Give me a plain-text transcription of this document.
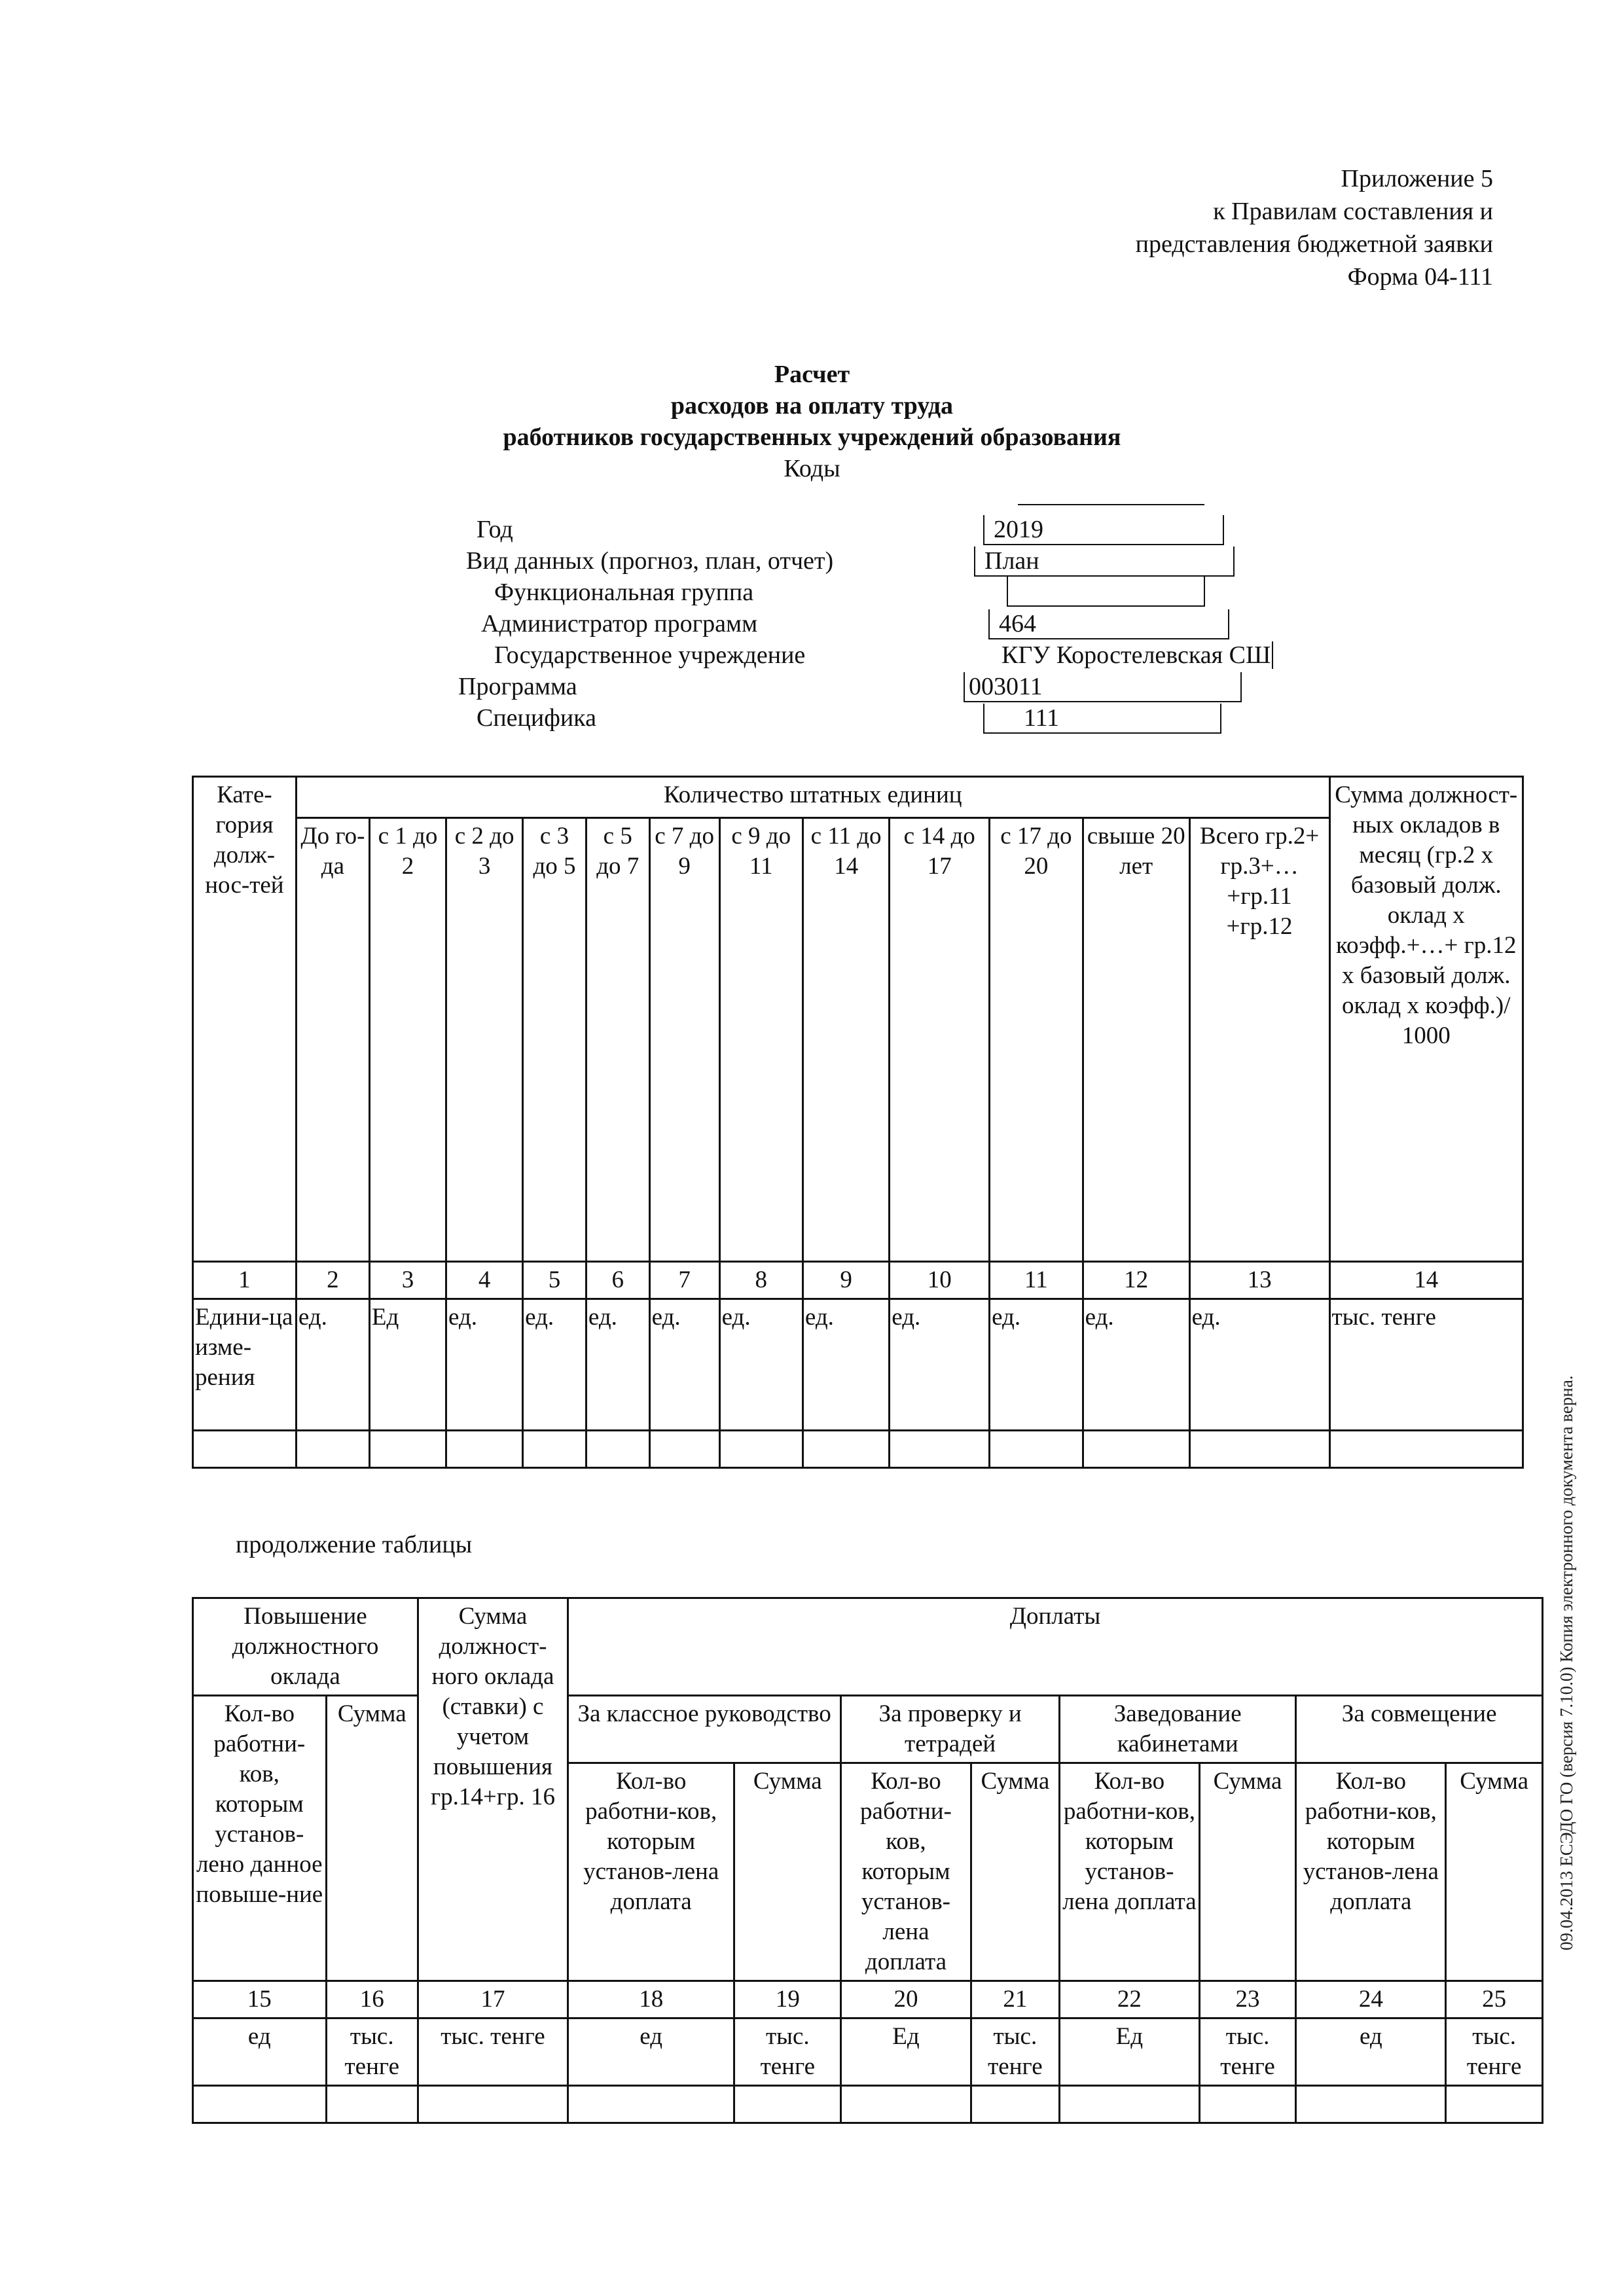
Приложение 5
к Правилам составления и
представления бюджетной заявки
Форма 04-111
Расчет
расходов на оплату труда
работников государственных учреждений образования
Коды
Год	2019
Вид данных (прогноз, план, отчет)	План
Функциональная группа
Администратор программ	464
Государственное учреждение	КГУ Коростелевская СШ
Программа	003011
Специфика	111
Кате-гория долж-нос-тей	Количество штатных единиц												Сумма должност-ных окладов в месяц (гр.2 х базовый долж. оклад х коэфф.+…+ гр.12 х базовый долж. оклад х коэфф.)/ 1000
	До го-да	с 1 до 2	с 2 до 3	с 3 до 5	с 5 до 7	с 7 до 9	с 9 до 11	с 11 до 14	с 14 до 17	с 17 до 20	свыше 20 лет	Всего гр.2+ гр.3+… +гр.11 +гр.12	
1	2	3	4	5	6	7	8	9	10	11	12	13	14
Едини-ца изме-рения	ед.	Ед	ед.	ед.	ед.	ед.	ед.	ед.	ед.	ед.	ед.	ед.	тыс. тенге

продолжение таблицы
Повышение должностного оклада		Сумма должност-ного оклада (ставки) с учетом повышения гр.14+гр. 16	Доплаты							
Кол-во работни-ков, которым установ-лено данное повыше-ние	Сумма		За классное руководство		За проверку и тетрадей		Заведование кабинетами		За совмещение	
			Кол-во работни-ков, которым установ-лена доплата	Сумма	Кол-во работни-ков, которым установ-лена доплата	Сумма	Кол-во работни-ков, которым установ-лена доплата	Сумма	Кол-во работни-ков, которым установ-лена доплата	Сумма
15	16	17	18	19	20	21	22	23	24	25
ед	тыс. тенге	тыс. тенге	ед	тыс. тенге	Ед	тыс. тенге	Ед	тыс. тенге	ед	тыс. тенге

09.04.2013 ЕСЭДО ГО (версия 7.10.0) Копия электронного документа верна.
